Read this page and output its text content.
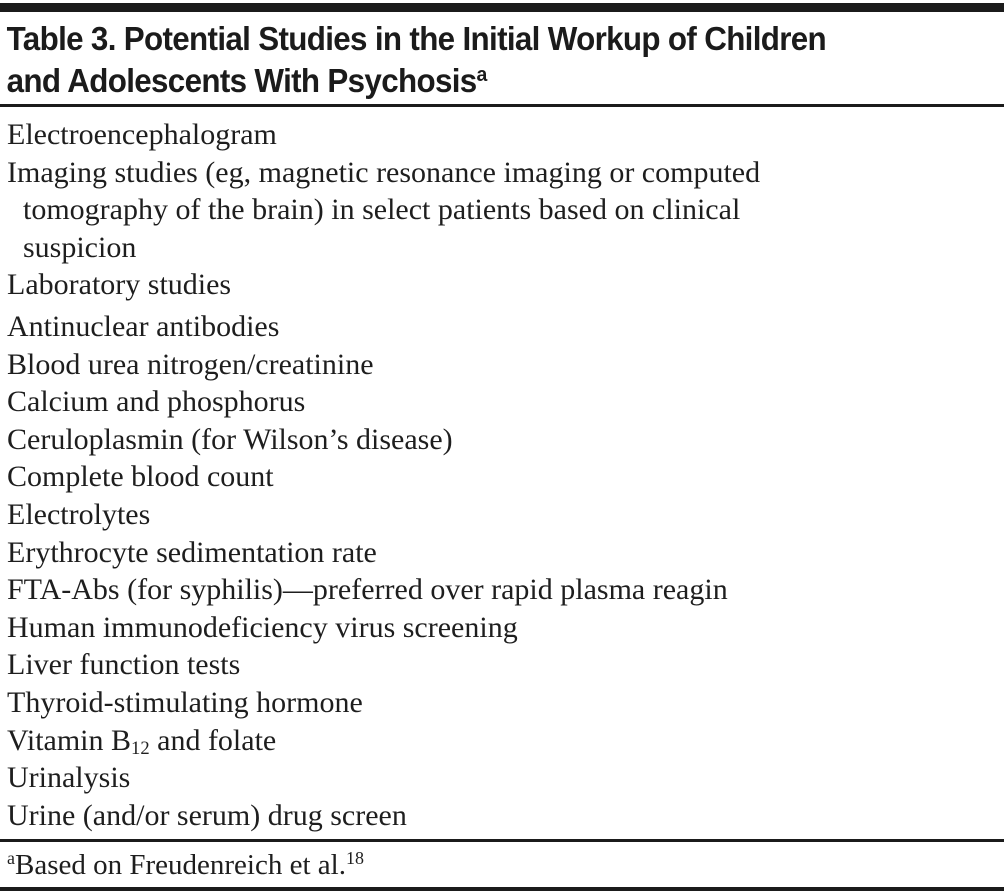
Table 3. Potential Studies in the Initial Workup of Children
and Adolescents With Psychosis$^a$
Electroencephalogram
Imaging studies (eg, magnetic resonance imaging or computed
tomography of the brain) in select patients based on clinical
suspicion
Laboratory studies
Antinuclear antibodies
Blood urea nitrogen/creatinine
Calcium and phosphorus
Ceruloplasmin (for Wilson’s disease)
Complete blood count
Electrolytes
Erythrocyte sedimentation rate
FTA-Abs (for syphilis)—preferred over rapid plasma reagin
Human immunodeficiency virus screening
Liver function tests
Thyroid-stimulating hormone
Vitamin $B_{12}$ and folate
Urinalysis
Urine (and/or serum) drug screen
$^a$Based on Freudenreich et al.$^{18}$
